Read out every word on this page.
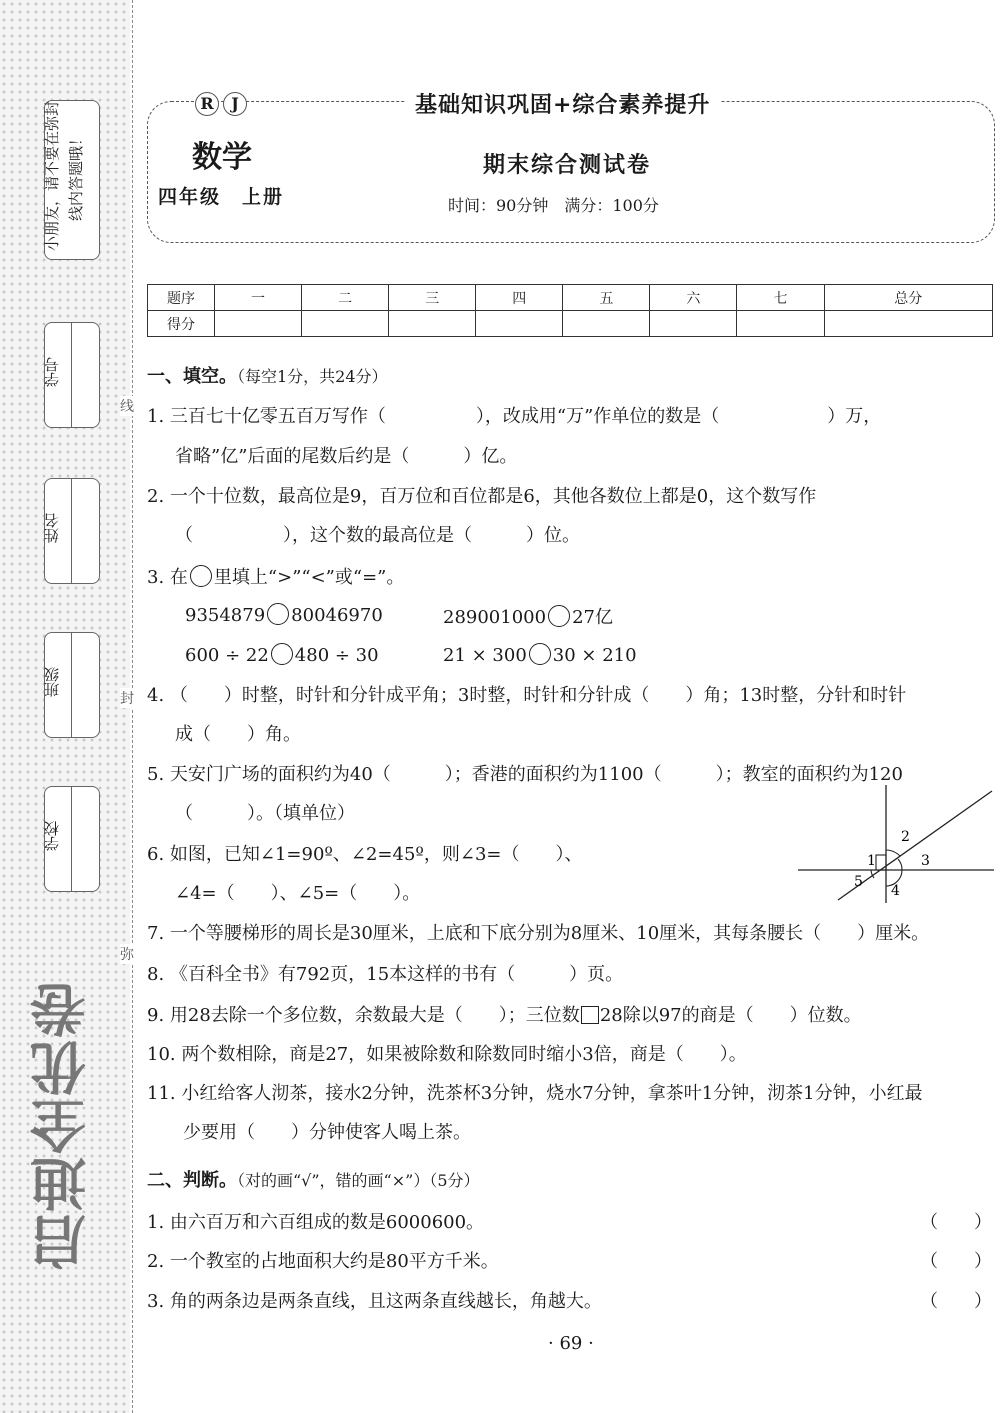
小朋友，请不要在弥封线内答题哦！
学号
姓名
班级
学校
线
封
弥
启迪全优卷
R	J	基础知识巩固+综合素养提升
数学
四年级　上册
期末综合测试卷
时间：90分钟　满分：100分
题序	一	二	三	四	五	六	七	总分
得分								
一、填空。（每空1分，共24分）
1. 三百七十亿零五百万写作（　　　　　），改成用“万”作单位的数是（　　　　　　）万，
省略”亿”后面的尾数后约是（　　　）亿。
2. 一个十位数，最高位是9，百万位和百位都是6，其他各数位上都是0，这个数写作
（　　　　　），这个数的最高位是（　　　）位。
3. 在 里填上“>”“<”或“=”。
9354879 80046970	289001000 27亿
600 ÷ 22 480 ÷ 30	21 × 300 30 × 210
4. （　　）时整，时针和分针成平角；3时整，时针和分针成（　　）角；13时整，分针和时针
成（　　）角。
5. 天安门广场的面积约为40（　　　）；香港的面积约为1100（　　　）；教室的面积约为120
（　　　）。（填单位）
6. 如图，已知∠1=90º、∠2=45º，则∠3=（　　）、
∠4=（　　）、∠5=（　　）。
1
2
3
4
5
7. 一个等腰梯形的周长是30厘米，上底和下底分别为8厘米、10厘米，其每条腰长（　　）厘米。
8. 《百科全书》有792页，15本这样的书有（　　　）页。
9. 用28去除一个多位数，余数最大是（　　）；三位数 28除以97的商是（　　）位数。
10. 两个数相除，商是27，如果被除数和除数同时缩小3倍，商是（　　）。
11. 小红给客人沏茶，接水2分钟，洗茶杯3分钟，烧水7分钟，拿茶叶1分钟，沏茶1分钟，小红最
少要用（　　）分钟使客人喝上茶。
二、判断。（对的画“√”，错的画“×”）（5分）
1. 由六百万和六百组成的数是6000600。	（　　）
2. 一个教室的占地面积大约是80平方千米。	（　　）
3. 角的两条边是两条直线，且这两条直线越长，角越大。	（　　）
· 69 ·
